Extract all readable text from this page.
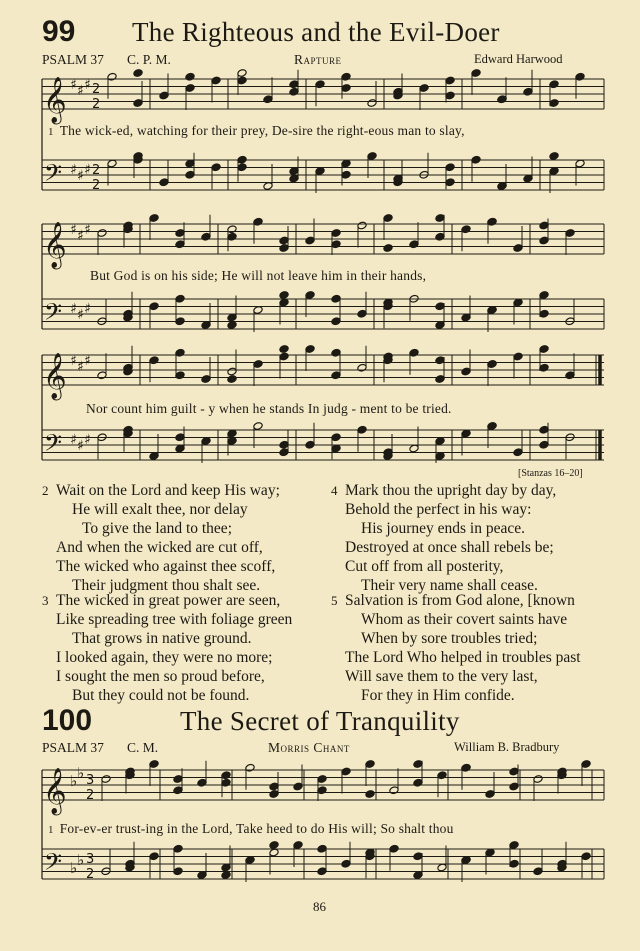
99 The Righteous and the Evil-Doer
PSALM 37 C. P. M.	Rapture	Edward Harwood
𝄞
𝄢
♯ ♯ ♯
♯ ♯ ♯
2
2
2
2
𝄞
𝄢
♯ ♯ ♯
♯ ♯ ♯
𝄞
𝄢
♯ ♯ ♯
♯ ♯ ♯
1 The wick-ed, watching for their prey, De-sire the right-eous man to slay,
But God is on his side; He will not leave him in their hands,
Nor count him guilt - y when he stands In judg - ment to be tried.
[Stanzas 16–20]
2 Wait on the Lord and keep His way;
He will exalt thee, nor delay
To give the land to thee;
And when the wicked are cut off,
The wicked who against thee scoff,
Their judgment thou shalt see.
3 The wicked in great power are seen,
Like spreading tree with foliage green
That grows in native ground.
I looked again, they were no more;
I sought the men so proud before,
But they could not be found.
4 Mark thou the upright day by day,
Behold the perfect in his way:
His journey ends in peace.
Destroyed at once shall rebels be;
Cut off from all posterity,
Their very name shall cease.
5 Salvation is from God alone, [known
Whom as their covert saints have
When by sore troubles tried;
The Lord Who helped in troubles past
Will save them to the very last,
For they in Him confide.
100	The Secret of Tranquility
PSALM 37 C. M.	Morris Chant	William B. Bradbury
𝄞
𝄢
♭ ♭
♭ ♭
3
2
3
2
1 For-ev-er trust-ing in the Lord, Take heed to do His will; So shalt thou
86
